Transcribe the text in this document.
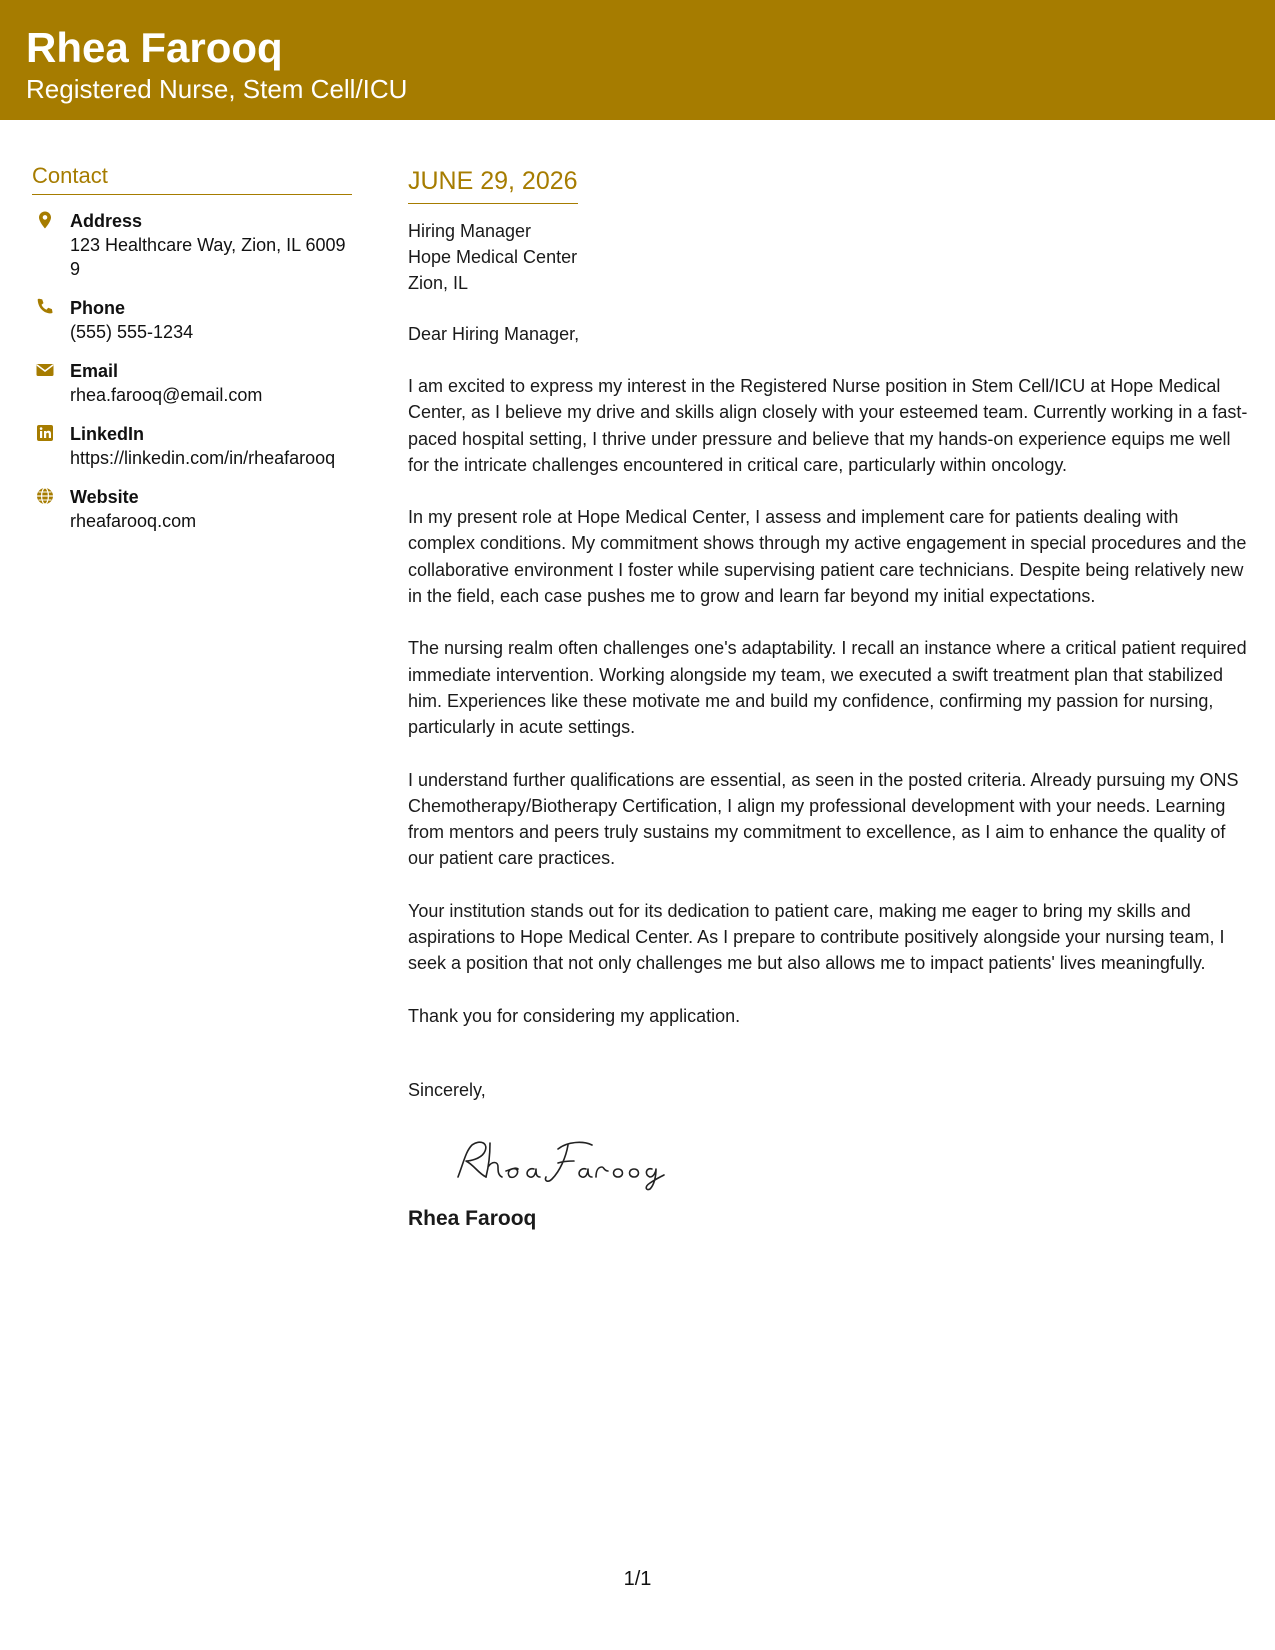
Rhea Farooq
Registered Nurse, Stem Cell/ICU
Contact
Address
123 Healthcare Way, Zion, IL 60099
Phone
(555) 555-1234
Email
rhea.farooq@email.com
LinkedIn
https://linkedin.com/in/rheafarooq
Website
rheafarooq.com
JUNE 29, 2026
Hiring Manager
Hope Medical Center
Zion, IL
Dear Hiring Manager,

I am excited to express my interest in the Registered Nurse position in Stem Cell/ICU at Hope Medical Center, as I believe my drive and skills align closely with your esteemed team. Currently working in a fast-paced hospital setting, I thrive under pressure and believe that my hands-on experience equips me well for the intricate challenges encountered in critical care, particularly within oncology.

In my present role at Hope Medical Center, I assess and implement care for patients dealing with complex conditions. My commitment shows through my active engagement in special procedures and the collaborative environment I foster while supervising patient care technicians. Despite being relatively new in the field, each case pushes me to grow and learn far beyond my initial expectations.

The nursing realm often challenges one's adaptability. I recall an instance where a critical patient required immediate intervention. Working alongside my team, we executed a swift treatment plan that stabilized him. Experiences like these motivate me and build my confidence, confirming my passion for nursing, particularly in acute settings.

I understand further qualifications are essential, as seen in the posted criteria. Already pursuing my ONS Chemotherapy/Biotherapy Certification, I align my professional development with your needs. Learning from mentors and peers truly sustains my commitment to excellence, as I aim to enhance the quality of our patient care practices.

Your institution stands out for its dedication to patient care, making me eager to bring my skills and aspirations to Hope Medical Center. As I prepare to contribute positively alongside your nursing team, I seek a position that not only challenges me but also allows me to impact patients' lives meaningfully.

Thank you for considering my application.

Sincerely,
Rhea Farooq
1/1
